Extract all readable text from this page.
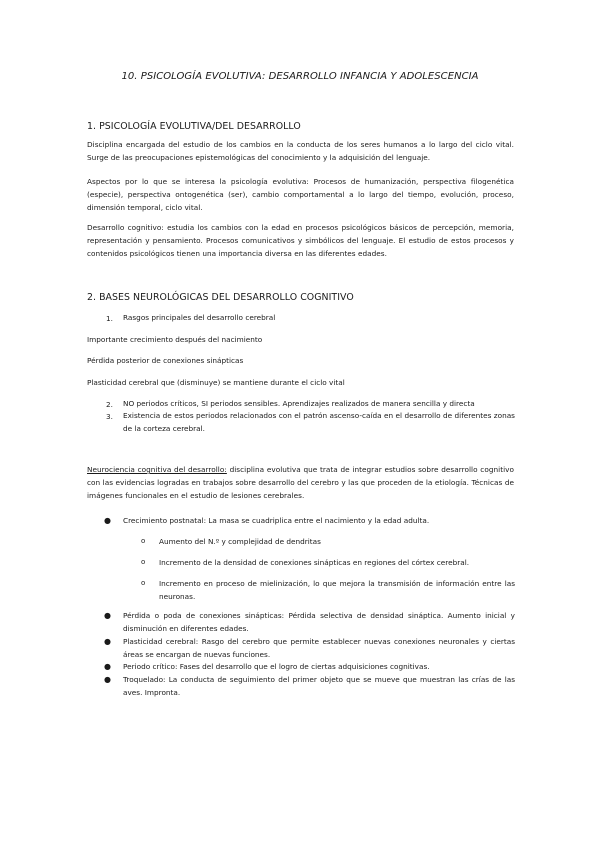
10. PSICOLOGÍA EVOLUTIVA: DESARROLLO INFANCIA Y ADOLESCENCIA
1. PSICOLOGÍA EVOLUTIVA/DEL DESARROLLO
Disciplina encargada del estudio de los cambios en la conducta de los seres humanos a lo largo del ciclo vital. Surge de las preocupaciones epistemológicas del conocimiento y la adquisición del lenguaje.
Aspectos por lo que se interesa la psicología evolutiva: Procesos de humanización, perspectiva filogenética (especie), perspectiva ontogenética (ser), cambio comportamental a lo largo del tiempo, evolución, proceso, dimensión temporal, ciclo vital.
Desarrollo cognitivo: estudia los cambios con la edad en procesos psicológicos básicos de percepción, memoria, representación y pensamiento. Procesos comunicativos y simbólicos del lenguaje. El estudio de estos procesos y contenidos psicológicos tienen una importancia diversa en las diferentes edades.
2. BASES NEUROLÓGICAS DEL DESARROLLO COGNITIVO
1. Rasgos principales del desarrollo cerebral
Importante crecimiento después del nacimiento
Pérdida posterior de conexiones sinápticas
Plasticidad cerebral que (disminuye) se mantiene durante el ciclo vital
2. NO periodos críticos, SI periodos sensibles. Aprendizajes realizados de manera sencilla y directa
3. Existencia de estos periodos relacionados con el patrón ascenso-caída en el desarrollo de diferentes zonas de la corteza cerebral.
Neurociencia cognitiva del desarrollo: disciplina evolutiva que trata de integrar estudios sobre desarrollo cognitivo con las evidencias logradas en trabajos sobre desarrollo del cerebro y las que proceden de la etiología. Técnicas de imágenes funcionales en el estudio de lesiones cerebrales.
● Crecimiento postnatal: La masa se cuadriplica entre el nacimiento y la edad adulta.
o Aumento del N.º y complejidad de dendritas
o Incremento de la densidad de conexiones sinápticas en regiones del córtex cerebral.
o Incremento en proceso de mielinización, lo que mejora la transmisión de información entre las neuronas.
● Pérdida o poda de conexiones sinápticas: Pérdida selectiva de densidad sináptica. Aumento inicial y disminución en diferentes edades.
● Plasticidad cerebral: Rasgo del cerebro que permite establecer nuevas conexiones neuronales y ciertas áreas se encargan de nuevas funciones.
● Periodo crítico: Fases del desarrollo que el logro de ciertas adquisiciones cognitivas.
● Troquelado: La conducta de seguimiento del primer objeto que se mueve que muestran las crías de las aves. Impronta.
